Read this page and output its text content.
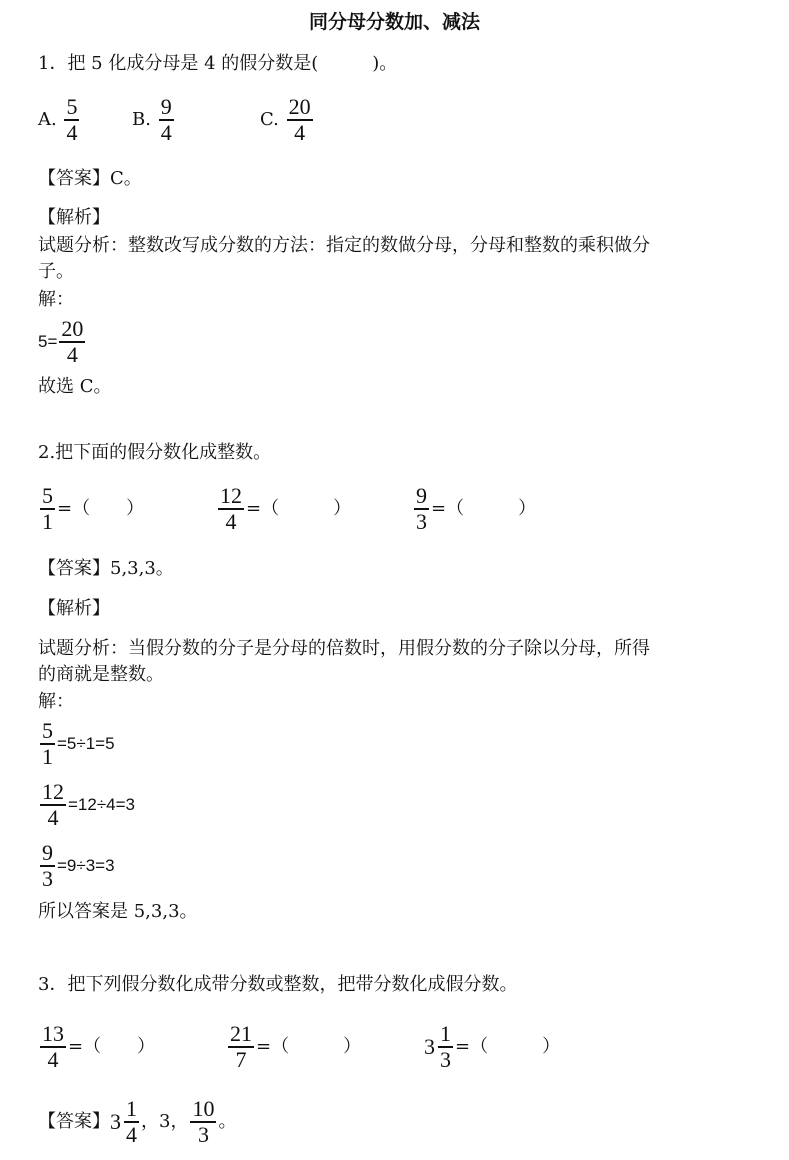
同分母分数加、减法
1．把 5 化成分母是 4 的假分数是(　　　)。
A. $\frac{5}{4}$	B. $\frac{9}{4}$	C. $\frac{20}{4}$
【答案】C。
【解析】
试题分析：整数改写成分数的方法：指定的数做分母，分母和整数的乘积做分
子。
解：
$5= \frac{20}{4}$
故选 C。
2.把下面的假分数化成整数。
$\frac{5}{1}$ =（　　）	$\frac{12}{4}$ =（　　　）	$\frac{9}{3}$ =（　　　）
【答案】5,3,3。
【解析】
试题分析：当假分数的分子是分母的倍数时，用假分数的分子除以分母，所得
的商就是整数。
解：
$\frac{5}{1} =5\div 1=5$
$\frac{12}{4} =12\div 4=3$
$\frac{9}{3} =9\div 3=3$
所以答案是 5,3,3。
3．把下列假分数化成带分数或整数，把带分数化成假分数。
$\frac{13}{4}$ =（　　）	$\frac{21}{7}$ =（　　　）	$3 \frac{1}{3}$ =（　　　）
【答案】 $3 \frac{1}{4}$ ，3， $\frac{10}{3}$ 。
